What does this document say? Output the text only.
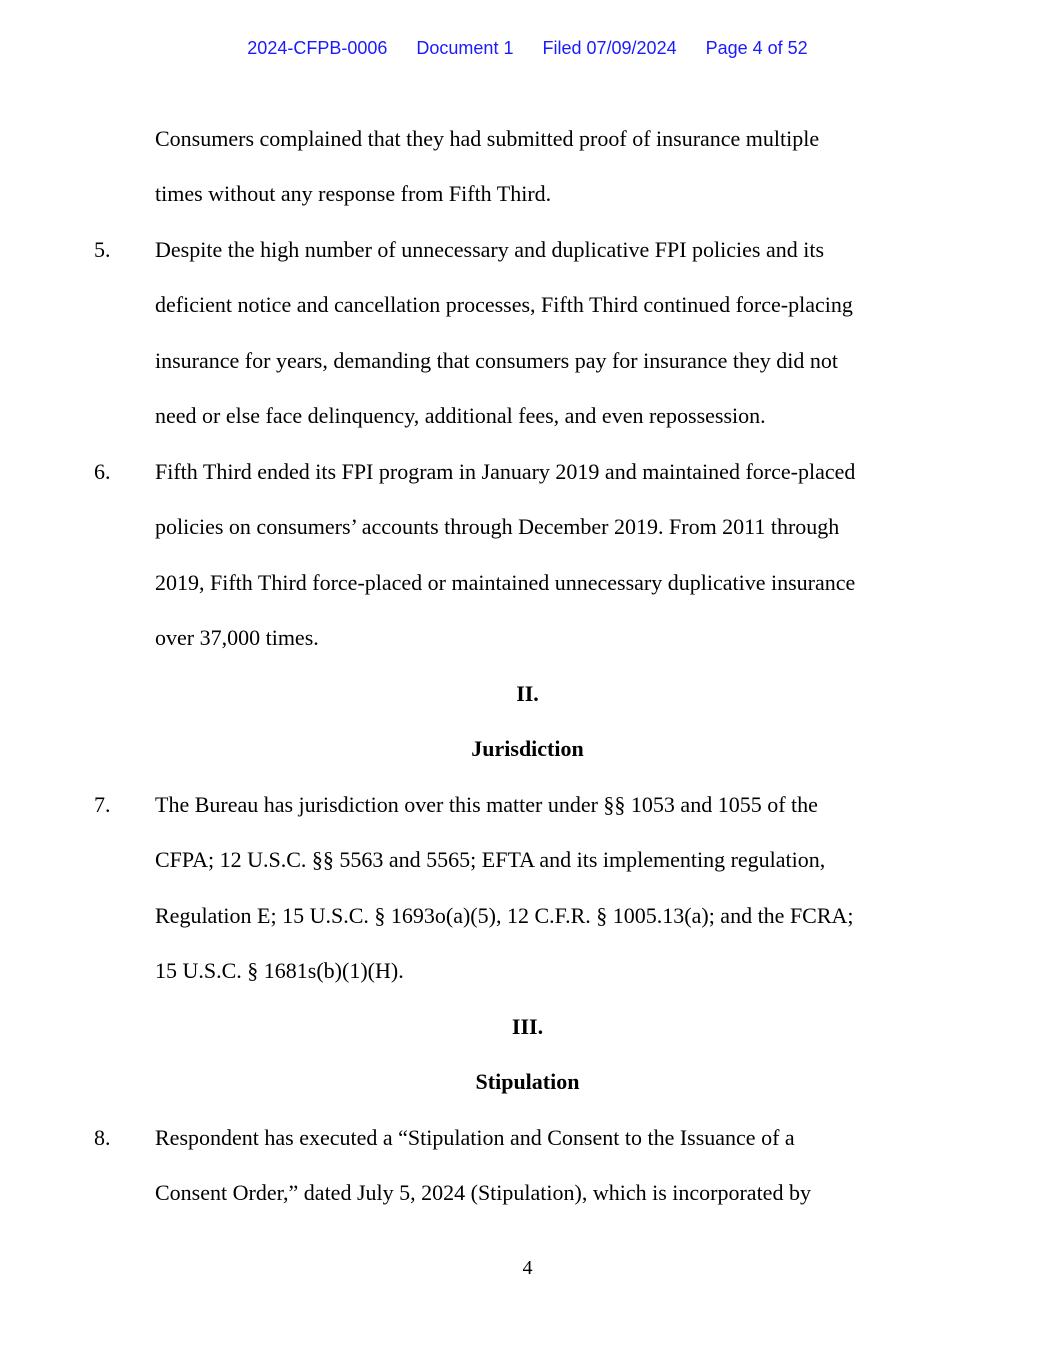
2024-CFPB-0006 Document 1 Filed 07/09/2024 Page 4 of 52
Consumers complained that they had submitted proof of insurance multiple
times without any response from Fifth Third.
5. Despite the high number of unnecessary and duplicative FPI policies and its
deficient notice and cancellation processes, Fifth Third continued force-placing
insurance for years, demanding that consumers pay for insurance they did not
need or else face delinquency, additional fees, and even repossession.
6. Fifth Third ended its FPI program in January 2019 and maintained force-placed
policies on consumers’ accounts through December 2019. From 2011 through
2019, Fifth Third force-placed or maintained unnecessary duplicative insurance
over 37,000 times.
II.
Jurisdiction
7. The Bureau has jurisdiction over this matter under §§ 1053 and 1055 of the
CFPA; 12 U.S.C. §§ 5563 and 5565; EFTA and its implementing regulation,
Regulation E; 15 U.S.C. § 1693o(a)(5), 12 C.F.R. § 1005.13(a); and the FCRA;
15 U.S.C. § 1681s(b)(1)(H).
III.
Stipulation
8. Respondent has executed a “Stipulation and Consent to the Issuance of a
Consent Order,” dated July 5, 2024 (Stipulation), which is incorporated by
4
